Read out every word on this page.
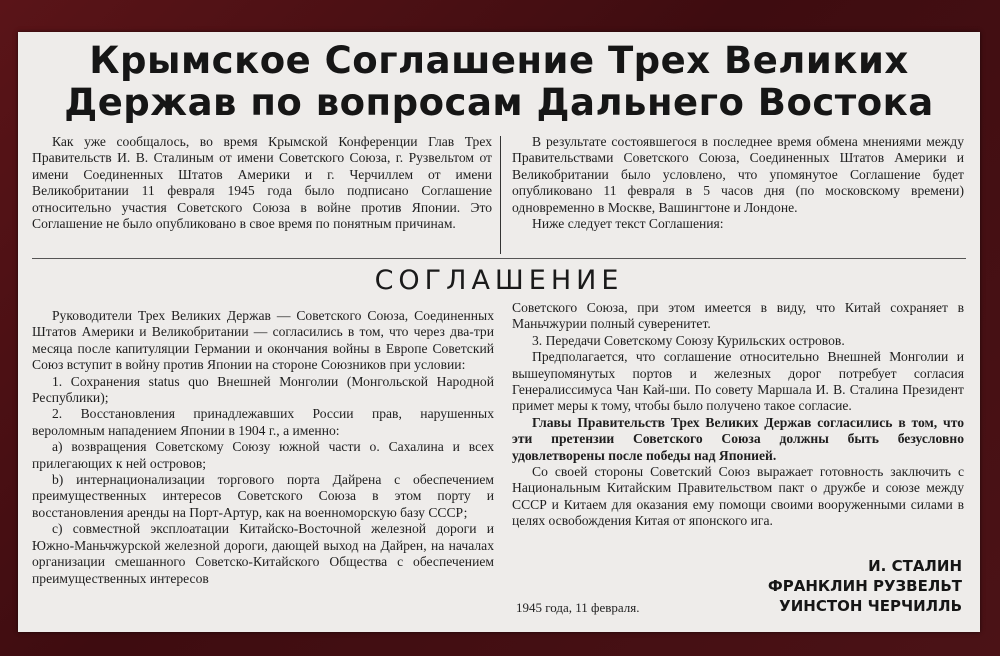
Крымское Соглашение Трех Великих
Держав по вопросам Дальнего Востока

Как уже сообщалось, во время Крымской Конференции Глав Трех Правительств И. В. Сталиным от имени Советского Союза, г. Рузвельтом от имени Соединенных Штатов Америки и г. Черчиллем от имени Великобритании 11 февраля 1945 года было подписано Соглашение относительно участия Советского Союза в войне против Японии. Это Соглашение не было опубликовано в свое время по понятным причинам.

В результате состоявшегося в последнее время обмена мнениями между Правительствами Советского Союза, Соединенных Штатов Америки и Великобритании было условлено, что упомянутое Соглашение будет опубликовано 11 февраля в 5 часов дня (по московскому времени) одновременно в Москве, Вашингтоне и Лондоне.

Ниже следует текст Соглашения:

СОГЛАШЕНИЕ

Руководители Трех Великих Держав — Советского Союза, Соединенных Штатов Америки и Великобритании — согласились в том, что через два-три месяца после капитуляции Германии и окончания войны в Европе Советский Союз вступит в войну против Японии на стороне Союзников при условии:

1. Сохранения status quo Внешней Монголии (Монгольской Народной Республики);

2. Восстановления принадлежавших России прав, нарушенных вероломным нападением Японии в 1904 г., а именно:

а) возвращения Советскому Союзу южной части о. Сахалина и всех прилегающих к ней островов;

b) интернационализации торгового порта Дайрена с обеспечением преимущественных интересов Советского Союза в этом порту и восстановления аренды на Порт-Артур, как на военноморскую базу СССР;

с) совместной эксплоатации Китайско-Восточной железной дороги и Южно-Маньчжурской железной дороги, дающей выход на Дайрен, на началах организации смешанного Советско-Китайского Общества с обеспечением преимущественных интересов

Советского Союза, при этом имеется в виду, что Китай сохраняет в Маньчжурии полный суверенитет.

3. Передачи Советскому Союзу Курильских островов.

Предполагается, что соглашение относительно Внешней Монголии и вышеупомянутых портов и железных дорог потребует согласия Генералиссимуса Чан Кай-ши. По совету Маршала И. В. Сталина Президент примет меры к тому, чтобы было получено такое согласие.

Главы Правительств Трех Великих Держав согласились в том, что эти претензии Советского Союза должны быть безусловно удовлетворены после победы над Японией.

Со своей стороны Советский Союз выражает готовность заключить с Национальным Китайским Правительством пакт о дружбе и союзе между СССР и Китаем для оказания ему помощи своими вооруженными силами в целях освобождения Китая от японского ига.

И. СТАЛИН
ФРАНКЛИН РУЗВЕЛЬТ
УИНСТОН ЧЕРЧИЛЛЬ
1945 года, 11 февраля.
